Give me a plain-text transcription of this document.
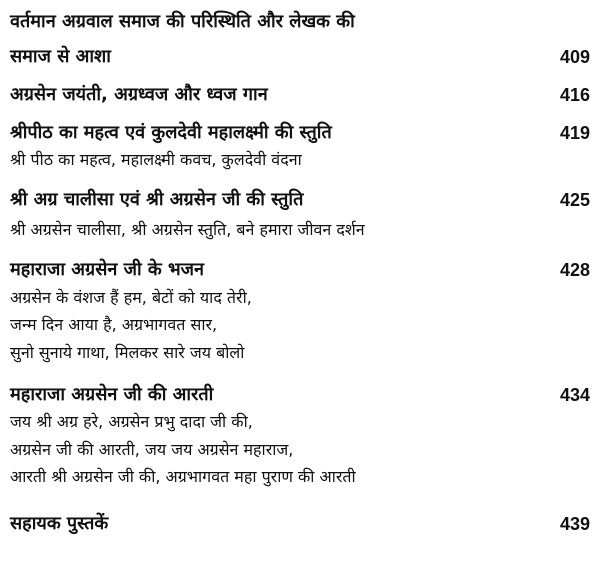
वर्तमान अग्रवाल समाज की परिस्थिति और लेखक की
समाज से आशा	409
अग्रसेन जयंती, अग्रध्वज और ध्वज गान	416
श्रीपीठ का महत्व एवं कुलदेवी महालक्ष्मी की स्तुति	419
श्री पीठ का महत्व, महालक्ष्मी कवच, कुलदेवी वंदना
श्री अग्र चालीसा एवं श्री अग्रसेन जी की स्तुति	425
श्री अग्रसेन चालीसा, श्री अग्रसेन स्तुति, बने हमारा जीवन दर्शन
महाराजा अग्रसेन जी के भजन	428
अग्रसेन के वंशज हैं हम, बेटों को याद तेरी,
जन्म दिन आया है, अग्रभागवत सार,
सुनो सुनाये गाथा, मिलकर सारे जय बोलो
महाराजा अग्रसेन जी की आरती	434
जय श्री अग्र हरे, अग्रसेन प्रभु दादा जी की,
अग्रसेन जी की आरती, जय जय अग्रसेन महाराज,
आरती श्री अग्रसेन जी की, अग्रभागवत महा पुराण की आरती
सहायक पुस्तकें	439
